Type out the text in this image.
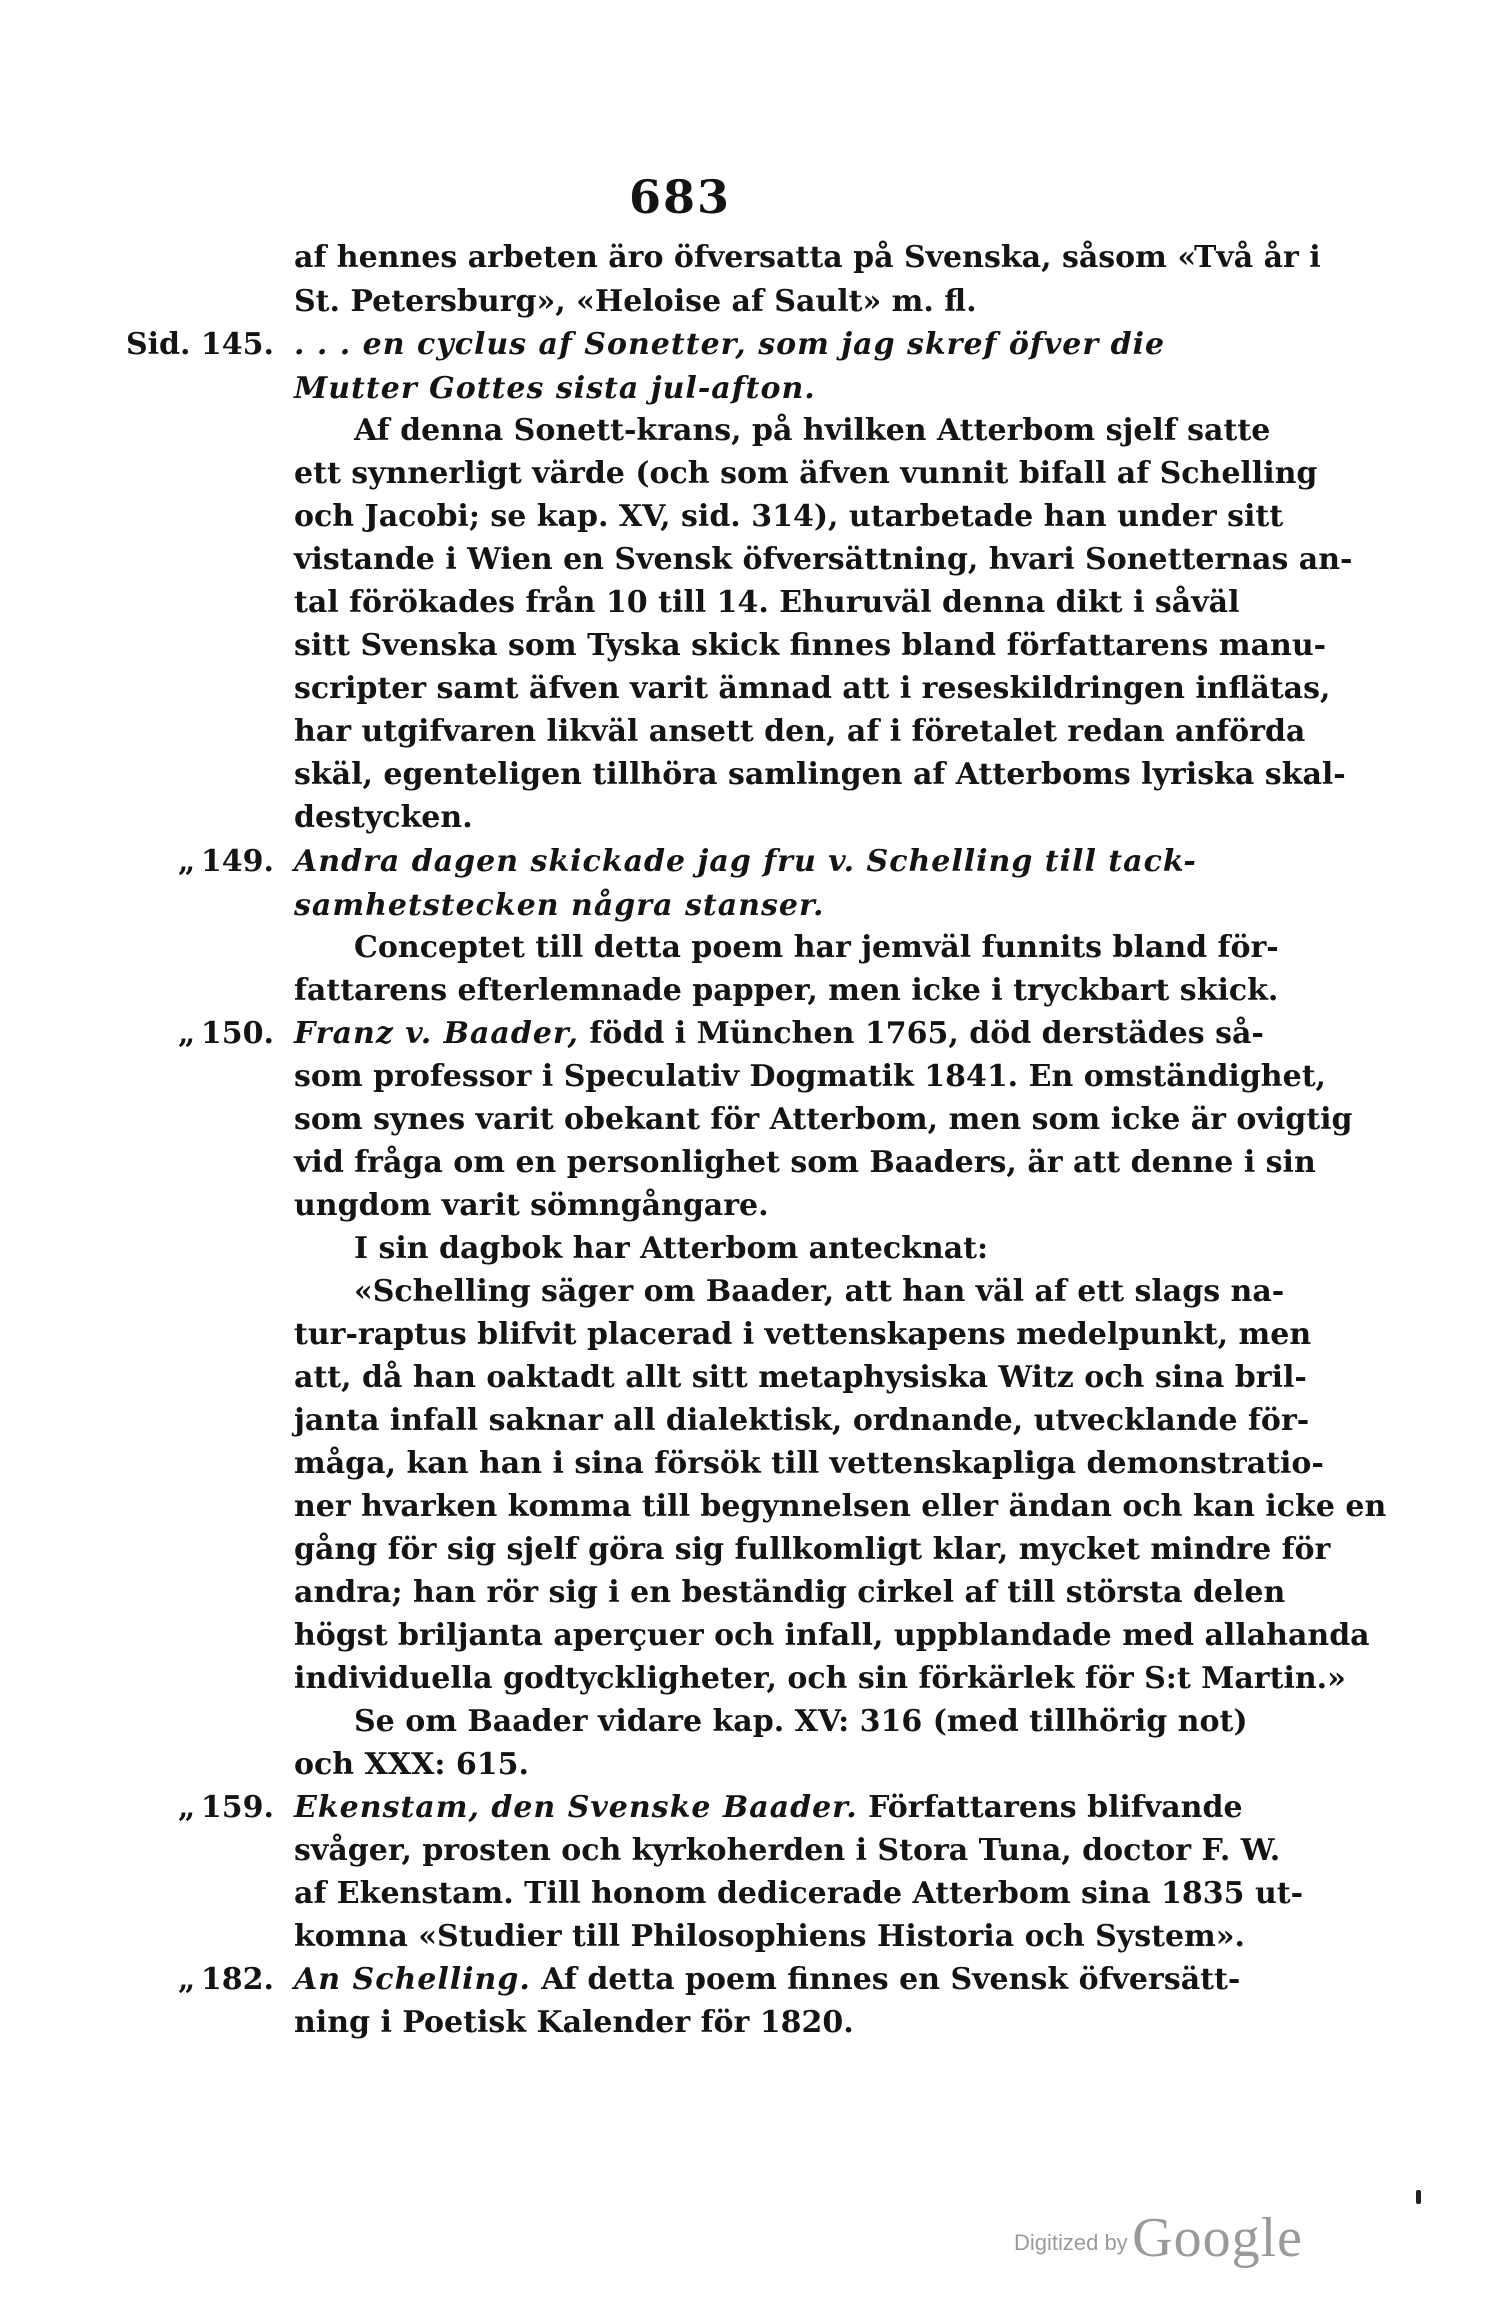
683
af hennes arbeten äro öfversatta på Svenska, såsom «Två år i
St. Petersburg», «Heloise af Sault» m. fl.
Sid. 145. . . . en cyclus af Sonetter, som jag skref öfver die
Mutter Gottes sista jul-afton.
Af denna Sonett-krans, på hvilken Atterbom sjelf satte
ett synnerligt värde (och som äfven vunnit bifall af Schelling
och Jacobi; se kap. XV, sid. 314), utarbetade han under sitt
vistande i Wien en Svensk öfversättning, hvari Sonetternas an-
tal förökades från 10 till 14. Ehuruväl denna dikt i såväl
sitt Svenska som Tyska skick finnes bland författarens manu-
scripter samt äfven varit ämnad att i reseskildringen inflätas,
har utgifvaren likväl ansett den, af i företalet redan anförda
skäl, egenteligen tillhöra samlingen af Atterboms lyriska skal-
destycken.
„ 149. Andra dagen skickade jag fru v. Schelling till tack-
samhetstecken några stanser.
Conceptet till detta poem har jemväl funnits bland för-
fattarens efterlemnade papper, men icke i tryckbart skick.
„ 150. Franz v. Baader, född i München 1765, död derstädes så-
som professor i Speculativ Dogmatik 1841. En omständighet,
som synes varit obekant för Atterbom, men som icke är ovigtig
vid fråga om en personlighet som Baaders, är att denne i sin
ungdom varit sömngångare.
I sin dagbok har Atterbom antecknat:
«Schelling säger om Baader, att han väl af ett slags na-
tur-raptus blifvit placerad i vettenskapens medelpunkt, men
att, då han oaktadt allt sitt metaphysiska Witz och sina bril-
janta infall saknar all dialektisk, ordnande, utvecklande för-
måga, kan han i sina försök till vettenskapliga demonstratio-
ner hvarken komma till begynnelsen eller ändan och kan icke en
gång för sig sjelf göra sig fullkomligt klar, mycket mindre för
andra; han rör sig i en beständig cirkel af till största delen
högst briljanta aperçuer och infall, uppblandade med allahanda
individuella godtyckligheter, och sin förkärlek för S:t Martin.»
Se om Baader vidare kap. XV: 316 (med tillhörig not)
och XXX: 615.
„ 159. Ekenstam, den Svenske Baader. Författarens blifvande
svåger, prosten och kyrkoherden i Stora Tuna, doctor F. W.
af Ekenstam. Till honom dedicerade Atterbom sina 1835 ut-
komna «Studier till Philosophiens Historia och System».
„ 182. An Schelling. Af detta poem finnes en Svensk öfversätt-
ning i Poetisk Kalender för 1820.
Digitized by Google
